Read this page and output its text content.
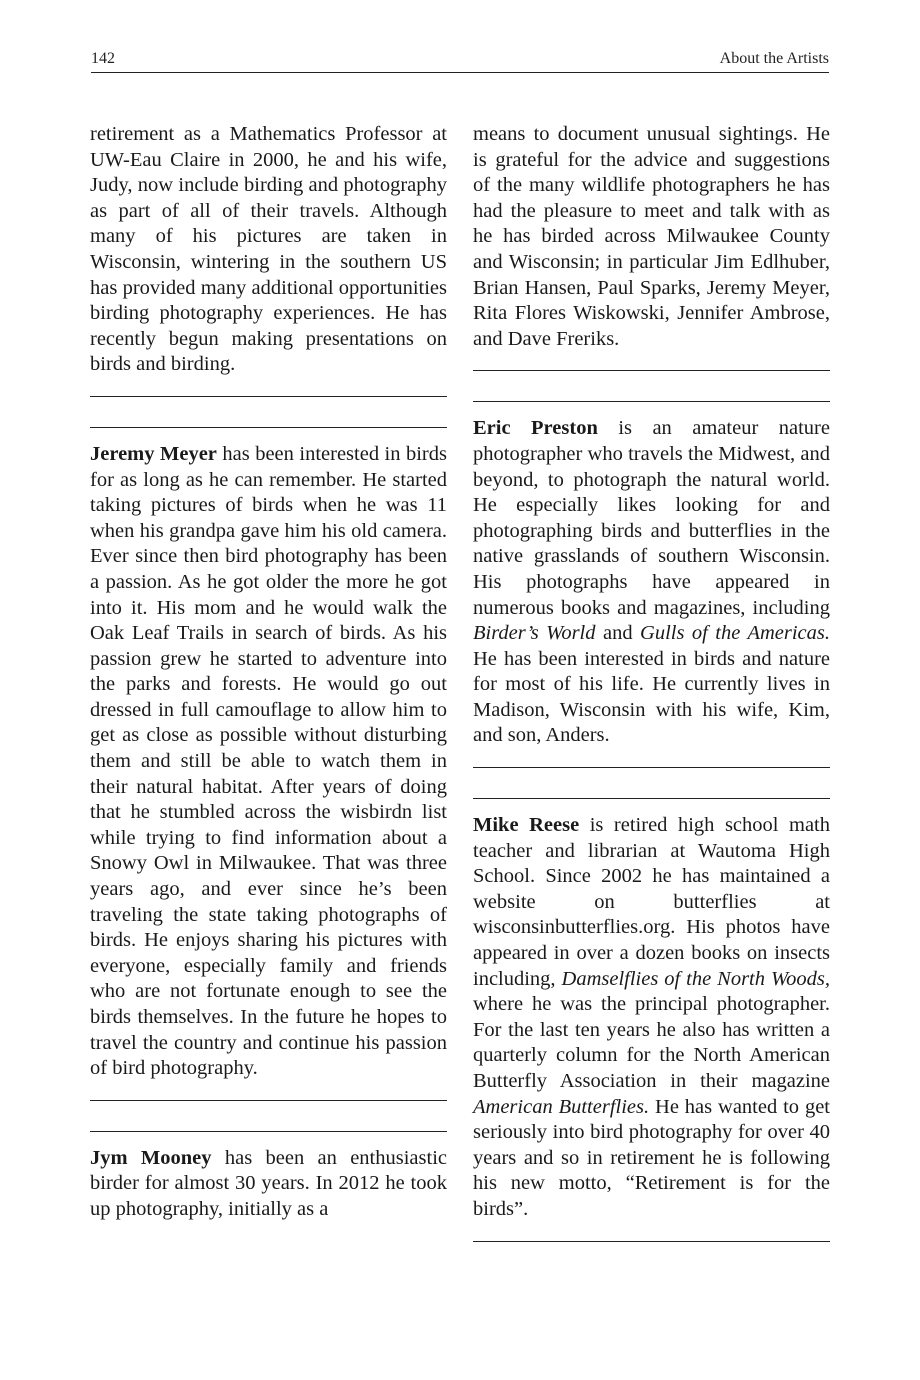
142	About the Artists

retirement as a Mathematics Professor at UW-Eau Claire in 2000, he and his wife, Judy, now include birding and photography as part of all of their travels. Although many of his pictures are taken in Wisconsin, wintering in the southern US has provided many additional opportunities birding photography experiences. He has recently begun making presentations on birds and birding.

Jeremy Meyer has been interested in birds for as long as he can remember. He started taking pictures of birds when he was 11 when his grandpa gave him his old camera. Ever since then bird photography has been a passion. As he got older the more he got into it. His mom and he would walk the Oak Leaf Trails in search of birds. As his passion grew he started to adventure into the parks and forests. He would go out dressed in full camouflage to allow him to get as close as possible without disturbing them and still be able to watch them in their natural habitat. After years of doing that he stumbled across the wisbirdn list while trying to find information about a Snowy Owl in Milwaukee. That was three years ago, and ever since he’s been traveling the state taking photographs of birds. He enjoys sharing his pictures with everyone, especially family and friends who are not fortunate enough to see the birds themselves. In the future he hopes to travel the country and continue his passion of bird photography.

Jym Mooney has been an enthusiastic birder for almost 30 years. In 2012 he took up photography, initially as a

means to document unusual sightings. He is grateful for the advice and suggestions of the many wildlife photographers he has had the pleasure to meet and talk with as he has birded across Milwaukee County and Wisconsin; in particular Jim Edlhuber, Brian Hansen, Paul Sparks, Jeremy Meyer, Rita Flores Wiskowski, Jennifer Ambrose, and Dave Freriks.

Eric Preston is an amateur nature photographer who travels the Midwest, and beyond, to photograph the natural world. He especially likes looking for and photographing birds and butterflies in the native grasslands of southern Wisconsin. His photographs have appeared in numerous books and magazines, including Birder’s World and Gulls of the Americas. He has been interested in birds and nature for most of his life. He currently lives in Madison, Wisconsin with his wife, Kim, and son, Anders.

Mike Reese is retired high school math teacher and librarian at Wautoma High School. Since 2002 he has maintained a website on butterflies at wisconsinbutterflies.org. His photos have appeared in over a dozen books on insects including, Damselflies of the North Woods, where he was the principal photographer. For the last ten years he also has written a quarterly column for the North American Butterfly Association in their magazine American Butterflies. He has wanted to get seriously into bird photography for over 40 years and so in retirement he is following his new motto, “Retirement is for the birds”.
